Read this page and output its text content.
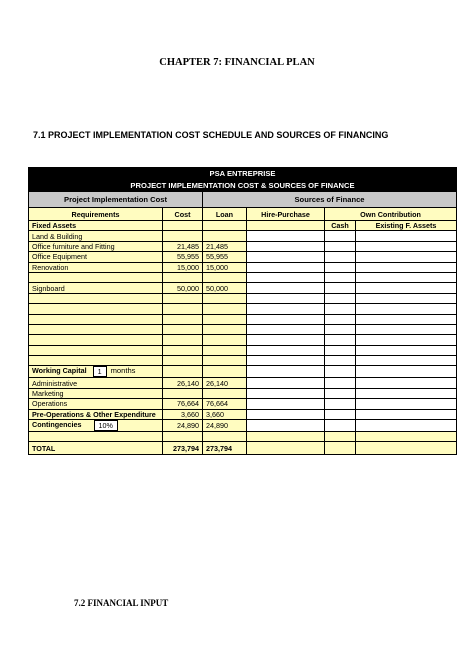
CHAPTER 7: FINANCIAL PLAN
7.1 PROJECT IMPLEMENTATION COST SCHEDULE AND SOURCES OF FINANCING
PSA ENTREPRISE					
PROJECT IMPLEMENTATION COST & SOURCES OF FINANCE					
Project Implementation Cost		Sources of Finance			
Requirements	Cost	Loan	Hire-Purchase	Own Contribution	
Fixed Assets				Cash	Existing F. Assets
Land & Building					
Office furniture and Fitting	21,485	21,485			
Office Equipment	55,955	55,955			
Renovation	15,000	15,000			

Signboard	50,000	50,000			

Working Capital 1 months					
Administrative	26,140	26,140			
Marketing					
Operations	76,664	76,664			
Pre-Operations & Other Expenditure	3,660	3,660			
Contingencies 10%	24,890	24,890			

TOTAL	273,794	273,794			
7.2 FINANCIAL INPUT
